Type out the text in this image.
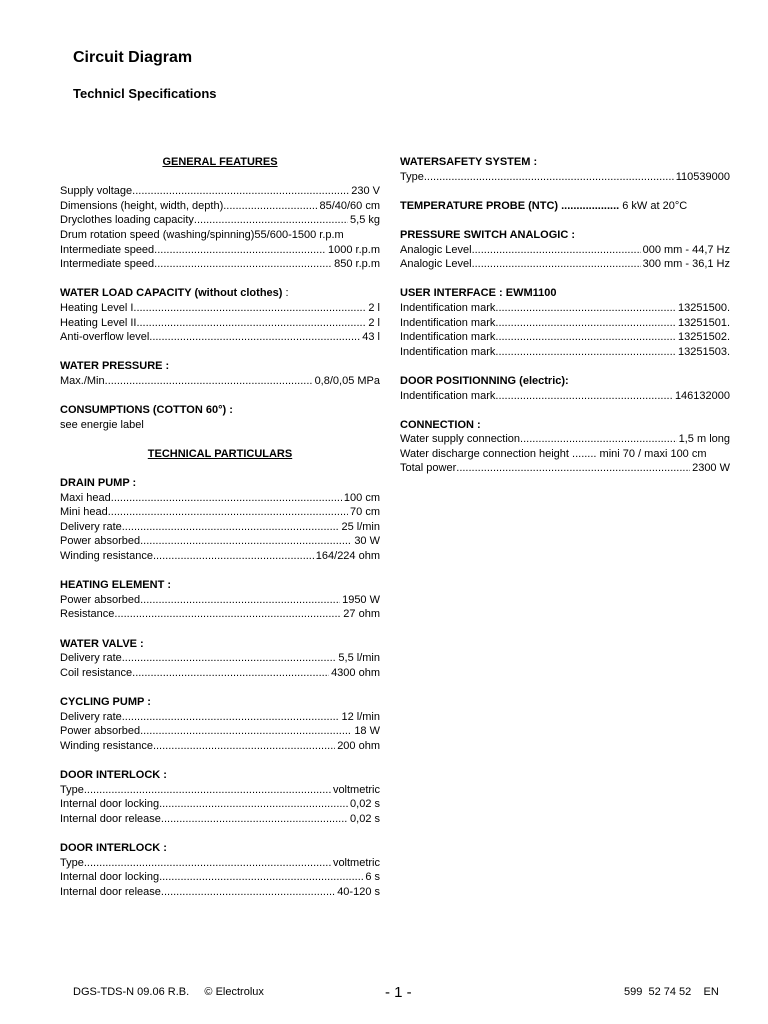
Circuit Diagram
Technicl Specifications
GENERAL FEATURES
Supply voltage .....	230 V
Dimensions (height, width, depth) .....	85/40/60 cm
Dryclothes loading capacity .....	5,5 kg
Drum rotation speed (washing/spinning)55/600-1500 r.p.m
Intermediate speed .....	1000 r.p.m
Intermediate speed .....	850 r.p.m
WATER LOAD CAPACITY (without clothes) :
Heating Level I .....	2 l
Heating Level II .....	2 l
Anti-overflow level .....	43 l
WATER PRESSURE :
Max./Min. .....	0,8/0,05 MPa
CONSUMPTIONS (COTTON 60°) :
see energie label
TECHNICAL PARTICULARS
DRAIN PUMP :
Maxi head .....	100 cm
Mini head .....	70 cm
Delivery rate .....	25 l/min
Power absorbed .....	30 W
Winding resistance .....	164/224 ohm
HEATING ELEMENT :
Power absorbed .....	1950 W
Resistance .....	27 ohm
WATER VALVE :
Delivery rate .....	5,5 l/min
Coil resistance .....	4300 ohm
CYCLING PUMP :
Delivery rate .....	12 l/min
Power absorbed .....	18 W
Winding resistance .....	200 ohm
DOOR INTERLOCK :
Type .....	voltmetric
Internal door locking .....	0,02 s
Internal door release .....	0,02 s
DOOR INTERLOCK :
Type .....	voltmetric
Internal door locking .....	6 s
Internal door release .....	40-120 s
WATERSAFETY SYSTEM :
Type .....	110539000
TEMPERATURE PROBE (NTC) ................... 6 kW at 20°C
PRESSURE SWITCH ANALOGIC :
Analogic Level .....	000 mm - 44,7 Hz
Analogic Level .....	300 mm - 36,1 Hz
USER INTERFACE : EWM1100
Indentification mark .....	13251500.
Indentification mark .....	13251501.
Indentification mark .....	13251502.
Indentification mark .....	13251503.
DOOR POSITIONNING (electric):
Indentification mark .....	146132000
CONNECTION :
Water supply connection .....	1,5 m long
Water discharge connection height ........ mini 70 / maxi 100 cm
Total power .....	2300 W
DGS-TDS-N 09.06 R.B.     © Electrolux	- 1 -	599  52 74 52    EN
